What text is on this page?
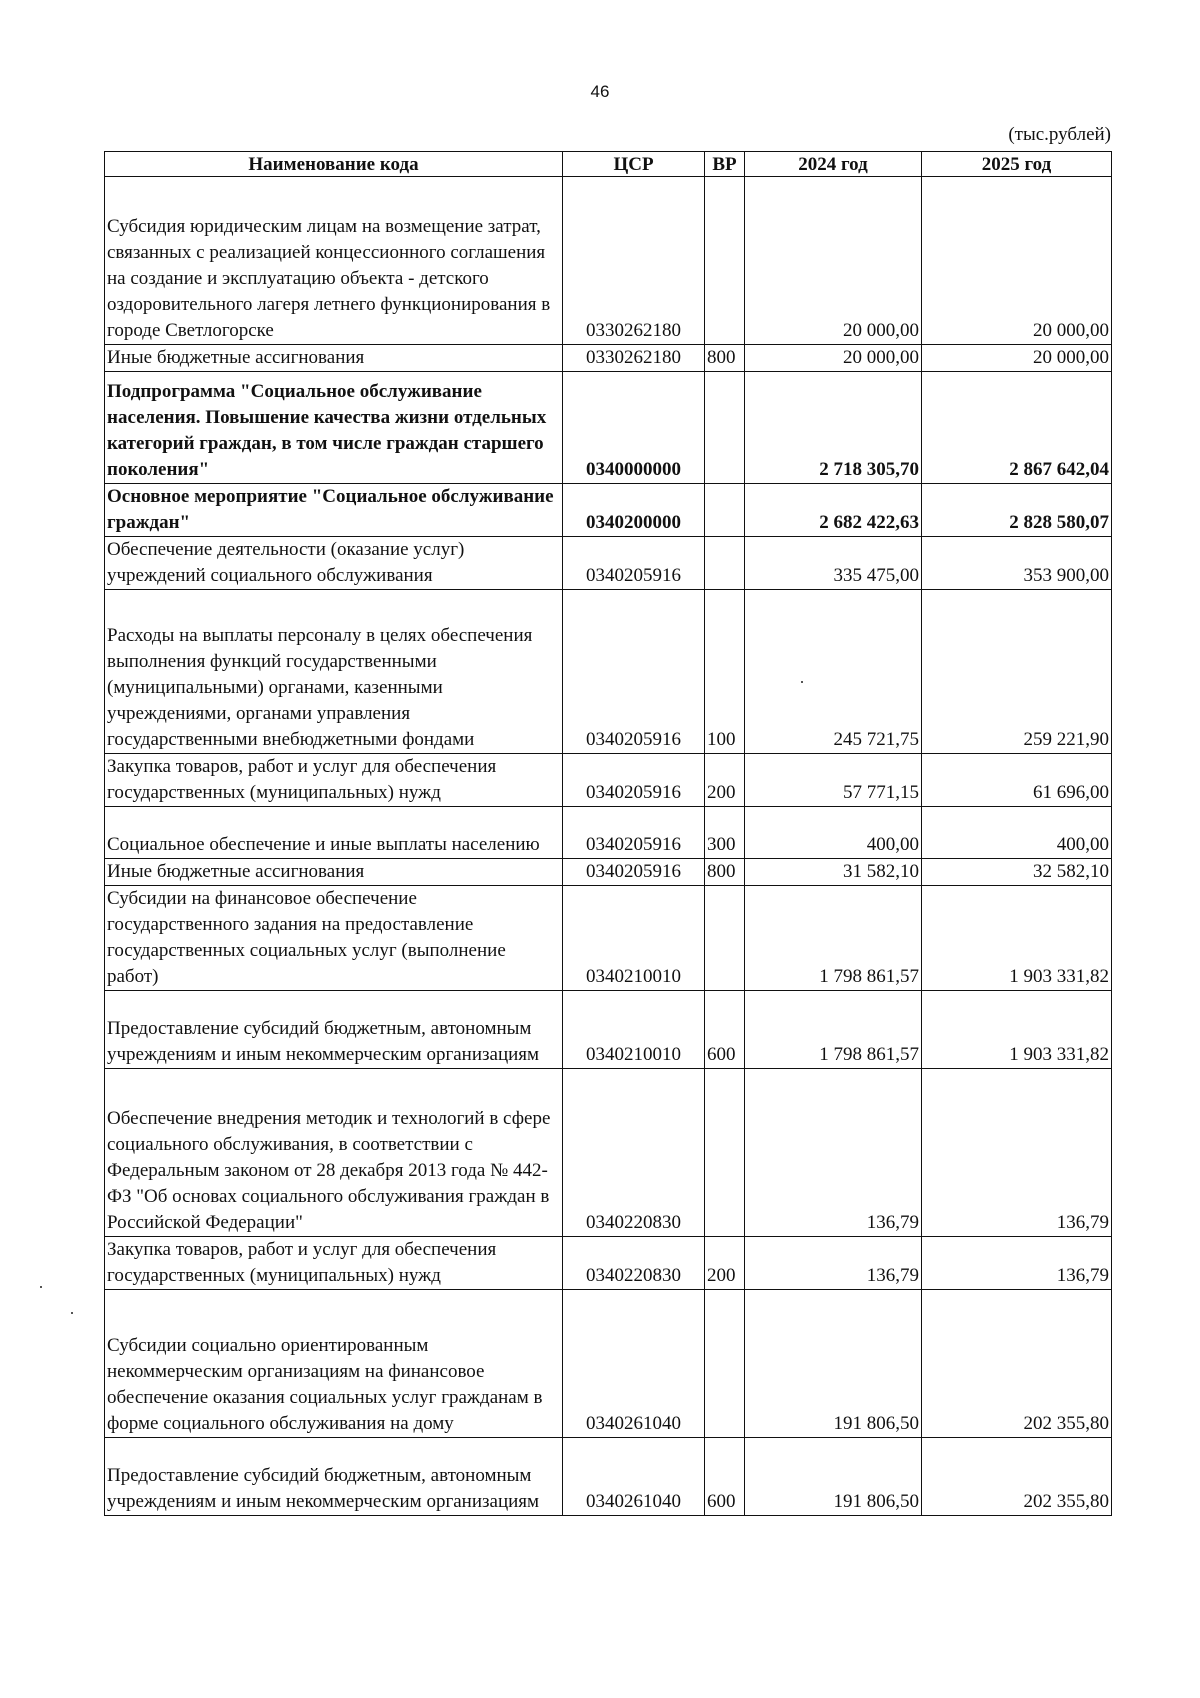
46
(тыс.рублей)
Наименование кода	ЦСР	ВР	2024 год	2025 год
Субсидия юридическим лицам на возмещение затрат, связанных с реализацией концессионного соглашения на создание и эксплуатацию объекта - детского оздоровительного лагеря летнего функционирования в городе Светлогорске	0330262180		20 000,00	20 000,00
Иные бюджетные ассигнования	0330262180	800	20 000,00	20 000,00
Подпрограмма "Социальное обслуживание населения. Повышение качества жизни отдельных категорий граждан, в том числе граждан старшего поколения"	0340000000		2 718 305,70	2 867 642,04
Основное мероприятие "Социальное обслуживание граждан"	0340200000		2 682 422,63	2 828 580,07
Обеспечение деятельности (оказание услуг) учреждений социального обслуживания	0340205916		335 475,00	353 900,00
Расходы на выплаты персоналу в целях обеспечения выполнения функций государственными (муниципальными) органами, казенными учреждениями, органами управления государственными внебюджетными фондами	0340205916	100	245 721,75	259 221,90
Закупка товаров, работ и услуг для обеспечения государственных (муниципальных) нужд	0340205916	200	57 771,15	61 696,00
Социальное обеспечение и иные выплаты населению	0340205916	300	400,00	400,00
Иные бюджетные ассигнования	0340205916	800	31 582,10	32 582,10
Субсидии на финансовое обеспечение государственного задания на предоставление государственных социальных услуг (выполнение работ)	0340210010		1 798 861,57	1 903 331,82
Предоставление субсидий бюджетным, автономным учреждениям и иным некоммерческим организациям	0340210010	600	1 798 861,57	1 903 331,82
Обеспечение внедрения методик и технологий в сфере социального обслуживания, в соответствии с Федеральным законом от 28 декабря 2013 года № 442-ФЗ "Об основах социального обслуживания граждан в Российской Федерации"	0340220830		136,79	136,79
Закупка товаров, работ и услуг для обеспечения государственных (муниципальных) нужд	0340220830	200	136,79	136,79
Субсидии социально ориентированным некоммерческим организациям на финансовое обеспечение оказания социальных услуг гражданам в форме социального обслуживания на дому	0340261040		191 806,50	202 355,80
Предоставление субсидий бюджетным, автономным учреждениям и иным некоммерческим организациям	0340261040	600	191 806,50	202 355,80
